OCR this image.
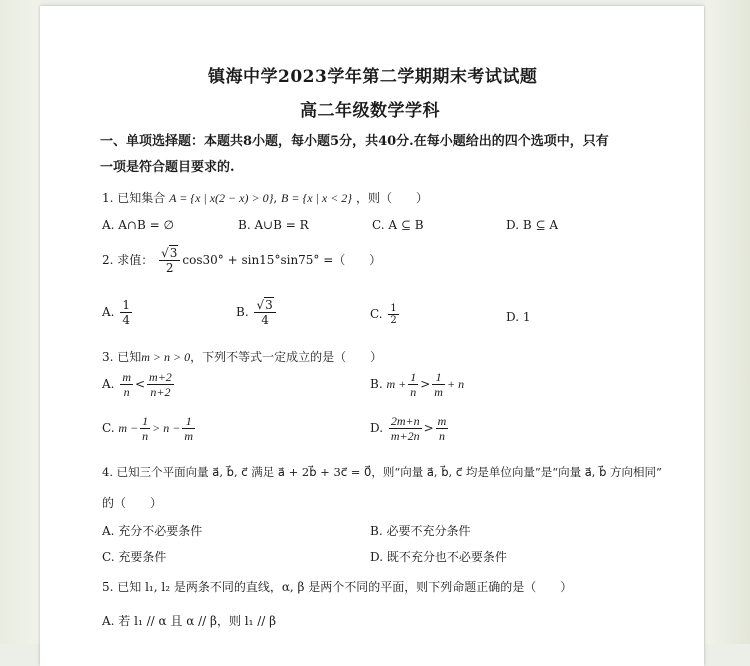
镇海中学2023学年第二学期期末考试试题
高二年级数学学科
一、单项选择题：本题共8小题，每小题5分，共40分.在每小题给出的四个选项中，只有
一项是符合题目要求的.
1. 已知集合 A = {x | x(2 − x) > 0}, B = {x | x < 2} ，则（　　）
A. A∩B = ∅	B. A∪B = R	C. A ⊆ B	D. B ⊆ A
2. 求值： $\frac{√3}{2} \cos 30^\circ + \sin 15^\circ\sin 75^\circ$ =（　　）
A. $\frac{1}{4}$	B. $\frac{√3}{4}$	C. $\frac{1}{2}$	D. 1
3. 已知m > n > 0，下列不等式一定成立的是（　　）
A. $\frac{m}{n} < \frac{m+2}{n+2}$	B. $m + \frac{1}{n} > \frac{1}{m} + n$
C. $m - \frac{1}{n} > n - \frac{1}{m}$	D. $\frac{2m+n}{m+2n} > \frac{m}{n}$
4. 已知三个平面向量 a⃗, b⃗, c⃗ 满足 a⃗ + 2b⃗ + 3c⃗ = 0⃗，则“向量 a⃗, b⃗, c⃗ 均是单位向量”是“向量 a⃗, b⃗ 方向相同”
的（　　）
A. 充分不必要条件	B. 必要不充分条件
C. 充要条件	D. 既不充分也不必要条件
5. 已知 l₁, l₂ 是两条不同的直线，α, β 是两个不同的平面，则下列命题正确的是（　　）
A. 若 l₁ // α 且 α // β，则 l₁ // β
